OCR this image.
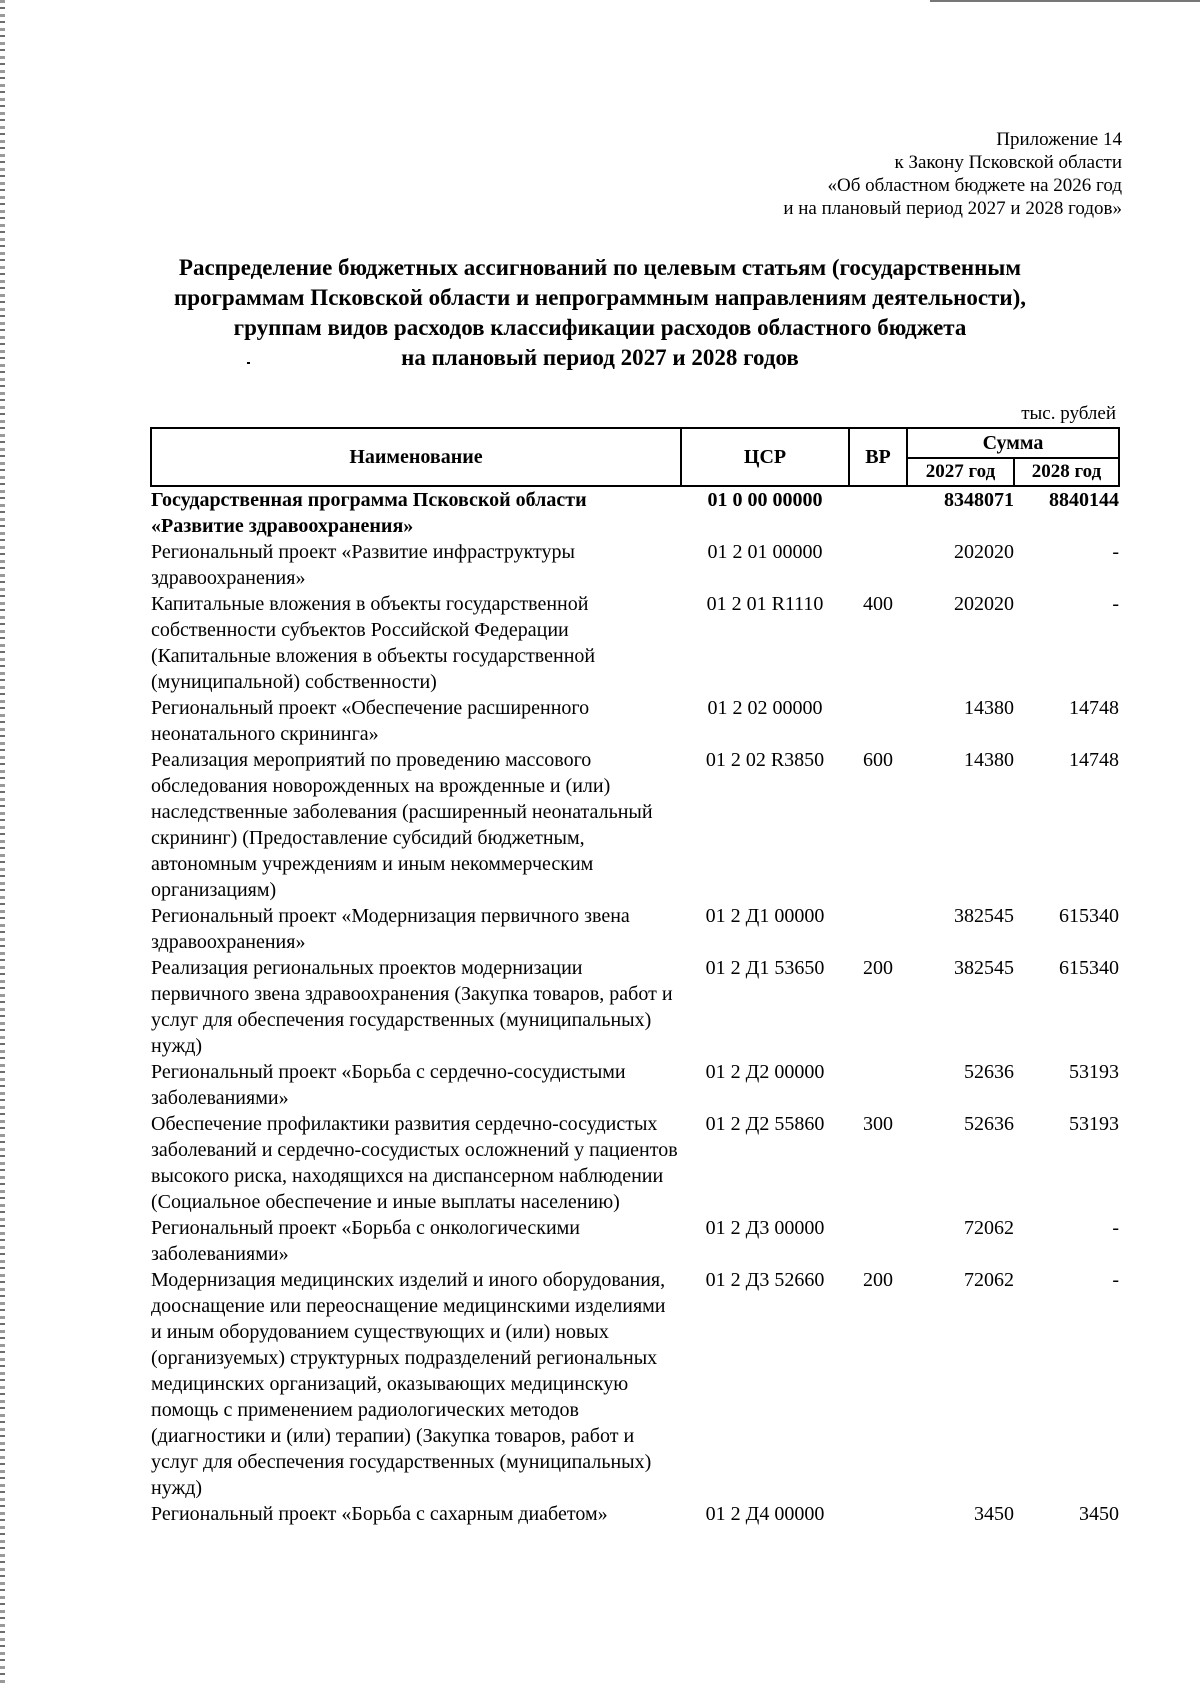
Приложение 14
к Закону Псковской области
«Об областном бюджете на 2026 год
и на плановый период 2027 и 2028 годов»
Распределение бюджетных ассигнований по целевым статьям (государственным
программам Псковской области и непрограммным направлениям деятельности),
группам видов расходов классификации расходов областного бюджета
на плановый период 2027 и 2028 годов
тыс. рублей
Наименование	ЦСР	ВР	Сумма	
			2027 год	2028 год
Государственная программа Псковской области «Развитие здравоохранения»	01 0 00 00000		8348071	8840144
Региональный проект «Развитие инфраструктуры здравоохранения»	01 2 01 00000		202020	-
Капитальные вложения в объекты государственной собственности субъектов Российской Федерации (Капитальные вложения в объекты государственной (муниципальной) собственности)	01 2 01 R1110	400	202020	-
Региональный проект «Обеспечение расширенного неонатального скрининга»	01 2 02 00000		14380	14748
Реализация мероприятий по проведению массового обследования новорожденных на врожденные и (или) наследственные заболевания (расширенный неонатальный скрининг) (Предоставление субсидий бюджетным, автономным учреждениям и иным некоммерческим организациям)	01 2 02 R3850	600	14380	14748
Региональный проект «Модернизация первичного звена здравоохранения»	01 2 Д1 00000		382545	615340
Реализация региональных проектов модернизации первичного звена здравоохранения (Закупка товаров, работ и услуг для обеспечения государственных (муниципальных) нужд)	01 2 Д1 53650	200	382545	615340
Региональный проект «Борьба с сердечно-сосудистыми заболеваниями»	01 2 Д2 00000		52636	53193
Обеспечение профилактики развития сердечно-сосудистых заболеваний и сердечно-сосудистых осложнений у пациентов высокого риска, находящихся на диспансерном наблюдении (Социальное обеспечение и иные выплаты населению)	01 2 Д2 55860	300	52636	53193
Региональный проект «Борьба с онкологическими заболеваниями»	01 2 Д3 00000		72062	-
Модернизация медицинских изделий и иного оборудования, дооснащение или переоснащение медицинскими изделиями и иным оборудованием существующих и (или) новых (организуемых) структурных подразделений региональных медицинских организаций, оказывающих медицинскую помощь с применением радиологических методов (диагностики и (или) терапии) (Закупка товаров, работ и услуг для обеспечения государственных (муниципальных) нужд)	01 2 Д3 52660	200	72062	-
Региональный проект «Борьба с сахарным диабетом»	01 2 Д4 00000		3450	3450
